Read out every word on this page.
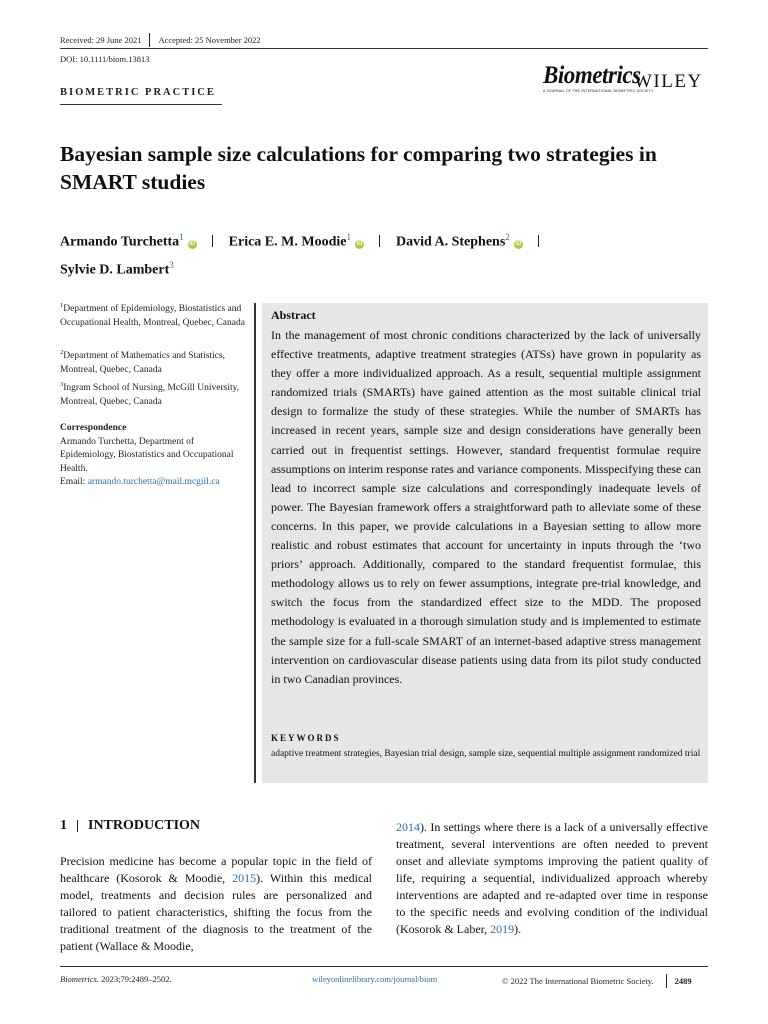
Received: 29 June 2021 Accepted: 25 November 2022
DOI: 10.1111/biom.13813
BIOMETRIC PRACTICE
Biometrics
A JOURNAL OF THE INTERNATIONAL BIOMETRIC SOCIETY
WILEY
Bayesian sample size calculations for comparing two strategies in SMART studies
Armando Turchetta$^1$iD Erica E. M. Moodie$^1$iD David A. Stephens$^2$iD
Sylvie D. Lambert$^3$
$^1$Department of Epidemiology, Biostatistics and Occupational Health, Montreal, Quebec, Canada
$^2$Department of Mathematics and Statistics, Montreal, Quebec, Canada
$^3$Ingram School of Nursing, McGill University, Montreal, Quebec, Canada
Correspondence
Armando Turchetta, Department of Epidemiology, Biostatistics and Occupational Health.
Email: armando.turchetta@mail.mcgill.ca
Abstract
In the management of most chronic conditions characterized by the lack of universally effective treatments, adaptive treatment strategies (ATSs) have grown in popularity as they offer a more individualized approach. As a result, sequential multiple assignment randomized trials (SMARTs) have gained attention as the most suitable clinical trial design to formalize the study of these strategies. While the number of SMARTs has increased in recent years, sample size and design considerations have generally been carried out in frequentist settings. However, standard frequentist formulae require assumptions on interim response rates and variance components. Misspecifying these can lead to incorrect sample size calculations and correspondingly inadequate levels of power. The Bayesian framework offers a straightforward path to alleviate some of these concerns. In this paper, we provide calculations in a Bayesian setting to allow more realistic and robust estimates that account for uncertainty in inputs through the ‘two priors’ approach. Additionally, compared to the standard frequentist formulae, this methodology allows us to rely on fewer assumptions, integrate pre-trial knowledge, and switch the focus from the standardized effect size to the MDD. The proposed methodology is evaluated in a thorough simulation study and is implemented to estimate the sample size for a full-scale SMART of an internet-based adaptive stress management intervention on cardiovascular disease patients using data from its pilot study conducted in two Canadian provinces.
KEYWORDS
adaptive treatment strategies, Bayesian trial design, sample size, sequential multiple assignment randomized trial
1 INTRODUCTION
Precision medicine has become a popular topic in the field of healthcare (Kosorok & Moodie, 2015). Within this medical model, treatments and decision rules are personalized and tailored to patient characteristics, shifting the focus from the traditional treatment of the diagnosis to the treatment of the patient (Wallace & Moodie,
2014). In settings where there is a lack of a universally effective treatment, several interventions are often needed to prevent onset and alleviate symptoms improving the patient quality of life, requiring a sequential, individualized approach whereby interventions are adapted and re-adapted over time in response to the specific needs and evolving condition of the individual (Kosorok & Laber, 2019).
Biometrics. 2023;79:2489–2502.	wileyonlinelibrary.com/journal/biom	© 2022 The International Biometric Society. 2489
